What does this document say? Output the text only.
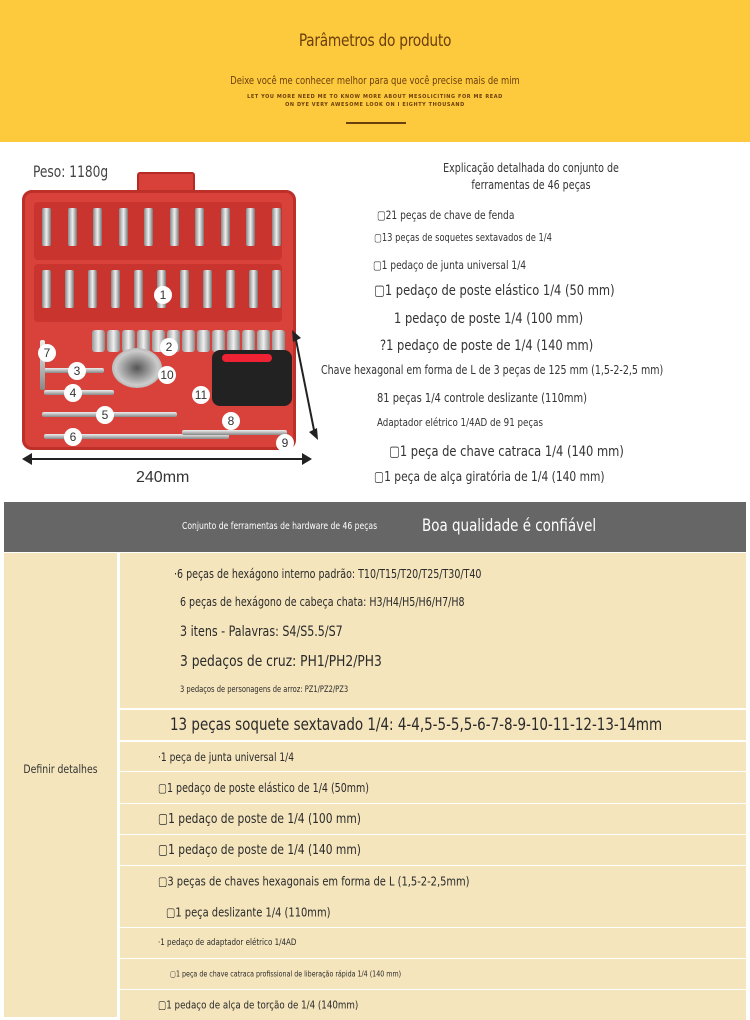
Parâmetros do produto
Deixe você me conhecer melhor para que você precise mais de mim
LET YOU MORE NEED ME TO KNOW MORE ABOUT MESOLICITING FOR ME READ
ON DYE VERY AWESOME LOOK ON I EIGHTY THOUSAND
Peso: 1180g
1
2
3
4
5
6
7
8
9
10
11
240mm
Explicação detalhada do conjunto de ferramentas de 46 peças
▢21 peças de chave de fenda
▢13 peças de soquetes sextavados de 1/4
▢1 pedaço de junta universal 1/4
▢1 pedaço de poste elástico 1/4 (50 mm)
1 pedaço de poste 1/4 (100 mm)
?1 pedaço de poste de 1/4 (140 mm)
Chave hexagonal em forma de L de 3 peças de 125 mm (1,5-2-2,5 mm)
81 peças 1/4 controle deslizante (110mm)
Adaptador elétrico 1/4AD de 91 peças
▢1 peça de chave catraca 1/4 (140 mm)
▢1 peça de alça giratória de 1/4 (140 mm)
Conjunto de ferramentas de hardware de 46 peças	Boa qualidade é confiável
Definir detalhes
·6 peças de hexágono interno padrão: T10/T15/T20/T25/T30/T40
6 peças de hexágono de cabeça chata: H3/H4/H5/H6/H7/H8
3 itens - Palavras: S4/S5.5/S7
3 pedaços de cruz: PH1/PH2/PH3
3 pedaços de personagens de arroz: PZ1/PZ2/PZ3
13 peças soquete sextavado 1/4: 4-4,5-5-5,5-6-7-8-9-10-11-12-13-14mm
·1 peça de junta universal 1/4
▢1 pedaço de poste elástico de 1/4 (50mm)
▢1 pedaço de poste de 1/4 (100 mm)
▢1 pedaço de poste de 1/4 (140 mm)
▢3 peças de chaves hexagonais em forma de L (1,5-2-2,5mm)
▢1 peça deslizante 1/4 (110mm)
·1 pedaço de adaptador elétrico 1/4AD
▢1 peça de chave catraca profissional de liberação rápida 1/4 (140 mm)
▢1 pedaço de alça de torção de 1/4 (140mm)
